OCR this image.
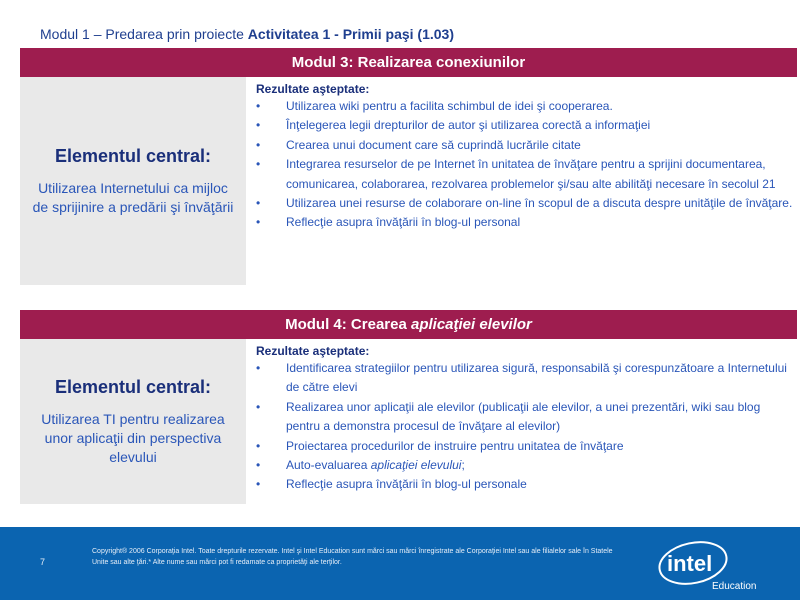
Modul 1 – Predarea prin proiecte Activitatea 1 - Primii paşi (1.03)
Modul 3: Realizarea conexiunilor
Elementul central:
Utilizarea Internetului ca mijloc de sprijinire a predării şi învăţării
Rezultate aşteptate:
• Utilizarea wiki pentru a facilita schimbul de idei şi cooperarea.
• Înţelegerea legii drepturilor de autor şi utilizarea corectă a informaţiei
• Crearea unui document care să cuprindă lucrările citate
• Integrarea resurselor de pe Internet în unitatea de învăţare pentru a sprijini documentarea, comunicarea, colaborarea, rezolvarea problemelor şi/sau alte abilităţi necesare în secolul 21
• Utilizarea unei resurse de colaborare on-line în scopul de a discuta despre unităţile de învăţare.
• Reflecţie asupra învăţării în blog-ul personal
Modul 4: Crearea
aplicaţiei elevilor
Elementul central:
Utilizarea TI pentru realizarea unor aplicaţii din perspectiva elevului
Rezultate aşteptate:
• Identificarea strategiilor pentru utilizarea sigură, responsabilă şi corespunzătoare a Internetului de către elevi
• Realizarea unor aplicaţii ale elevilor (publicaţii ale elevilor, a unei prezentări, wiki sau blog pentru a demonstra procesul de învăţare al elevilor)
• Proiectarea procedurilor de instruire pentru unitatea de învăţare
• Auto-evaluarea aplicaţiei elevului;
• Reflecţie asupra învăţării în blog-ul personale
7
Copyright® 2006 Corporaţia Intel. Toate drepturile rezervate. Intel şi Intel Education sunt mărci sau mărci înregistrate ale Corporaţiei Intel sau ale filialelor sale în Statele Unite sau alte ţări.* Alte nume sau mărci pot fi redamate ca proprietăţi ale terţilor.	intel
Education
